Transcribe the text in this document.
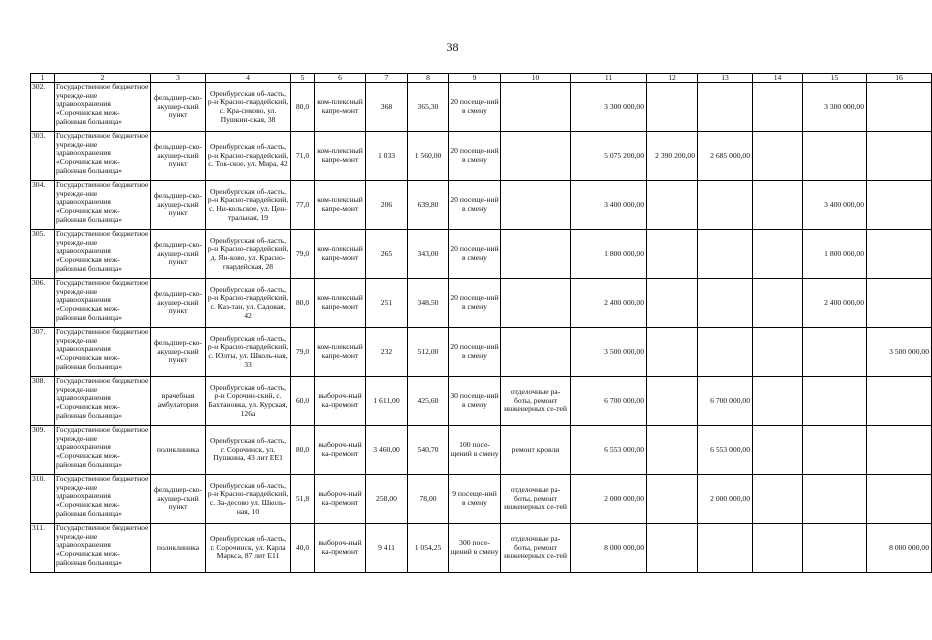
38
1	2	3	4	5	6	7	8	9	10	11	12	13	14	15	16
302.	Государственное бюджетное учрежде-ние здравоохранения «Сорочинская меж-районная больница»	фельдшер-ско-акушер-ский пункт	Оренбургская об-ласть, р-н Красно-гвардейский, с. Кра-сиково, ул. Пушкин-ская, 38	80,0	ком-плексный капре-монт	368	365,30	20 посеще-ний в смену		3 300 000,00				3 300 000,00	
303.	Государственное бюджетное учрежде-ние здравоохранения «Сорочинская меж-районная больница»	фельдшер-ско-акушер-ский пункт	Оренбургская об-ласть, р-н Красно-гвардейский, с. Ток-ское, ул. Мира, 42	71,0	ком-плексный капре-монт	1 033	1 560,00	20 посеще-ний в смену		5 075 200,00	2 390 200,00	2 685 000,00			
304.	Государственное бюджетное учрежде-ние здравоохранения «Сорочинская меж-районная больница»	фельдшер-ско-акушер-ский пункт	Оренбургская об-ласть, р-н Красно-гвардейский, с. Ни-кольское, ул. Цен-тральная, 19	77,0	ком-плексный капре-монт	206	639,80	20 посеще-ний в смену		3 400 000,00				3 400 000,00	
305.	Государственное бюджетное учрежде-ние здравоохранения «Сорочинская меж-районная больница»	фельдшер-ско-акушер-ский пункт	Оренбургская об-ласть, р-н Красно-гвардейский, д. Ян-ково, ул. Красно-гвардейская, 28	79,0	ком-плексный капре-монт	265	343,00	20 посеще-ний в смену		1 800 000,00				1 800 000,00	
306.	Государственное бюджетное учрежде-ние здравоохранения «Сорочинская меж-районная больница»	фельдшер-ско-акушер-ский пункт	Оренбургская об-ласть, р-н Красно-гвардейский, с. Каз-тан, ул. Садовая, 42	80,0	ком-плексный капре-монт	251	348,50	20 посеще-ний в смену		2 400 000,00				2 400 000,00	
307.	Государственное бюджетное учрежде-ние здравоохранения «Сорочинская меж-районная больница»	фельдшер-ско-акушер-ский пункт	Оренбургская об-ласть, р-н Красно-гвардейский, с. Юлты, ул. Школь-ная, 33	79,0	ком-плексный капре-монт	232	512,00	20 посеще-ний в смену		3 500 000,00					3 500 000,00
308.	Государственное бюджетное учрежде-ние здравоохранения «Сорочинская меж-районная больница»	врачебная амбулатория	Оренбургская об-ласть, р-н Сорочин-ский, с. Бахтановка, ул. Курская, 126а	60,0	выбороч-ный ка-премонт	1 611,00	425,60	30 посеще-ний в смену	отделочные ра-боты, ремонт инженерных се-тей	6 700 000,00		6 700 000,00			
309.	Государственное бюджетное учрежде-ние здравоохранения «Сорочинская меж-районная больница»	поликлиника	Оренбургская об-ласть, г. Сорочинск, ул. Пушкина, 43 лит ЕЕ1	80,0	выбороч-ный ка-премонт	3 460,00	540,70	100 посе-щений в смену	ремонт кровли	6 553 000,00		6 553 000,00			
310.	Государственное бюджетное учрежде-ние здравоохранения «Сорочинская меж-районная больница»	фельдшер-ско-акушер-ский пункт	Оренбургская об-ласть, р-н Красно-гвардейский, с. За-десово ул. Школь-ная, 10	51,8	выбороч-ный ка-премонт	258,00	78,00	9 посеще-ний в смену	отделочные ра-боты, ремонт инженерных се-тей	2 000 000,00		2 000 000,00			
311.	Государственное бюджетное учрежде-ние здравоохранения «Сорочинская меж-районная больница»	поликлиника	Оренбургская об-ласть, г. Сорочинск, ул. Карла Маркса, 87 лит Е11	40,0	выбороч-ный ка-премонт	9 411	1 054,25	300 посе-щений в смену	отделочные ра-боты, ремонт инженерных се-тей	8 000 000,00					8 000 000,00
